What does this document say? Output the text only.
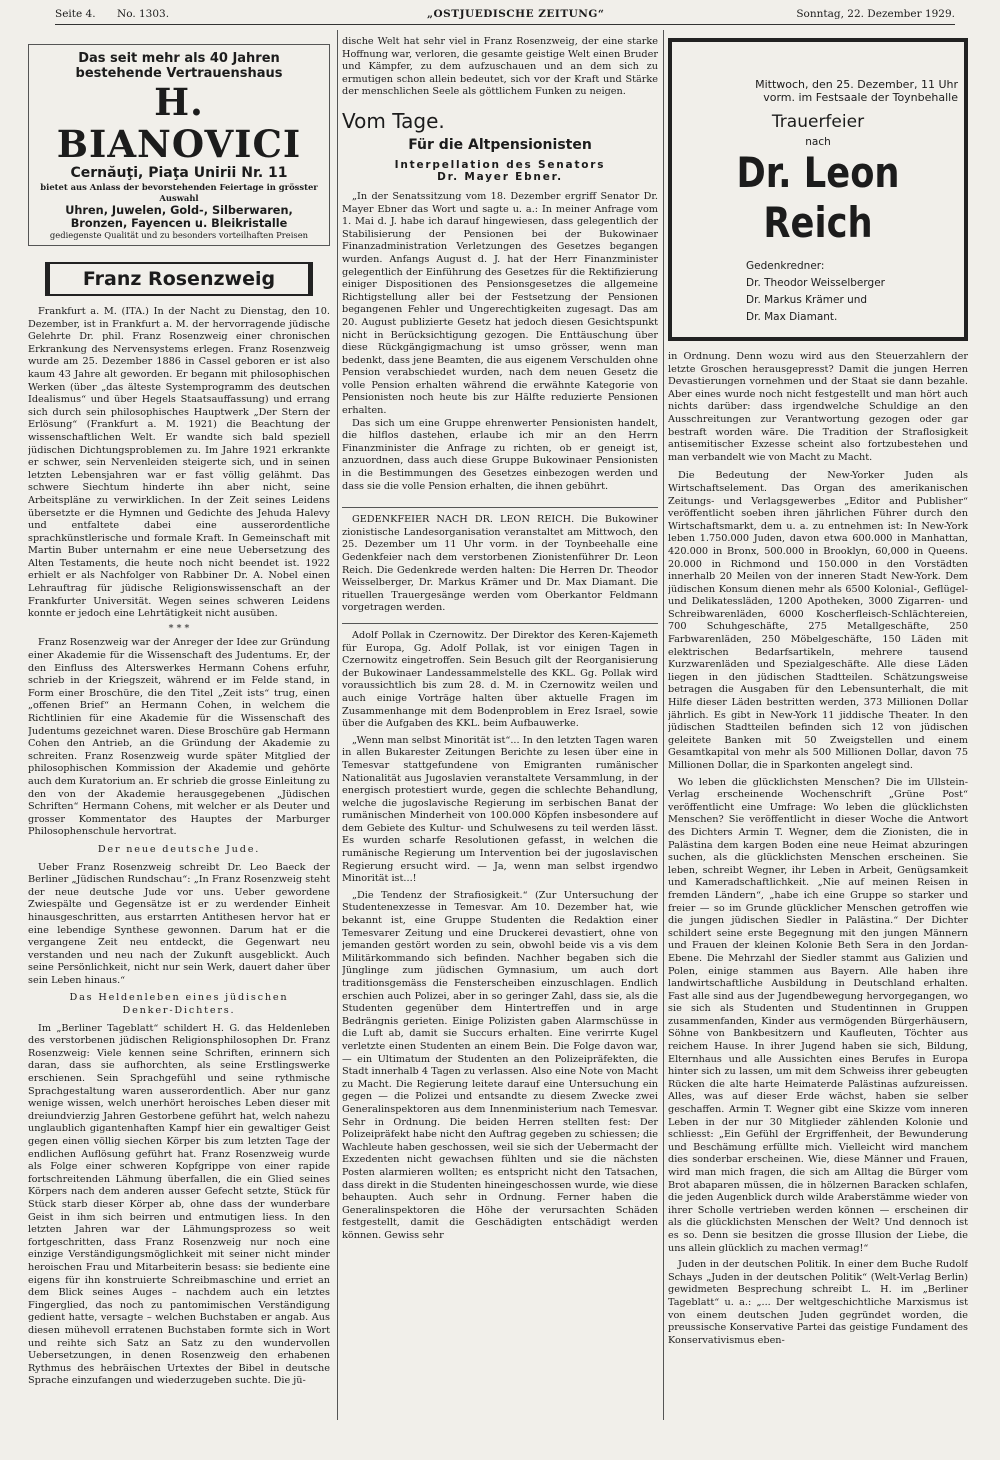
Seite 4. No. 1303.	„OSTJUEDISCHE ZEITUNG“	Sonntag, 22. Dezember 1929.
Das seit mehr als 40 Jahren
bestehende Vertrauenshaus
H. BIANOVICI
Cernăuţi, Piaţa Unirii Nr. 11
bietet aus Anlass der bevorstehenden Feiertage in grösster Auswahl
Uhren, Juwelen, Gold-, Silberwaren,
Bronzen, Fayencen u. Bleikristalle
gediegenste Qualität und zu besonders vorteilhaften Preisen
Franz Rosenzweig

Frankfurt a. M. (ITA.) In der Nacht zu Dienstag, den 10. Dezember, ist in Frankfurt a. M. der hervorragende jüdische Gelehrte Dr. phil. Franz Rosenzweig einer chronischen Erkrankung des Nervensystems erlegen. Franz Rosenzweig wurde am 25. Dezember 1886 in Cassel geboren er ist also kaum 43 Jahre alt geworden. Er begann mit philosophischen Werken (über „das älteste Systemprogramm des deutschen Idealismus“ und über Hegels Staatsauffassung) und errang sich durch sein philosophisches Hauptwerk „Der Stern der Erlösung“ (Frankfurt a. M. 1921) die Beachtung der wissenschaftlichen Welt. Er wandte sich bald speziell jüdischen Dichtungsproblemen zu. Im Jahre 1921 erkrankte er schwer, sein Nervenleiden steigerte sich, und in seinen letzten Lebensjahren war er fast völlig gelähmt. Das schwere Siechtum hinderte ihn aber nicht, seine Arbeitspläne zu verwirklichen. In der Zeit seines Leidens übersetzte er die Hymnen und Gedichte des Jehuda Halevy und entfaltete dabei eine ausserordentliche sprachkünstlerische und formale Kraft. In Gemeinschaft mit Martin Buber unternahm er eine neue Uebersetzung des Alten Testaments, die heute noch nicht beendet ist. 1922 erhielt er als Nachfolger von Rabbiner Dr. A. Nobel einen Lehrauftrag für jüdische Religionswissenschaft an der Frankfurter Universität. Wegen seines schweren Leidens konnte er jedoch eine Lehrtätigkeit nicht ausüben.

* * *

Franz Rosenzweig war der Anreger der Idee zur Gründung einer Akademie für die Wissenschaft des Judentums. Er, der den Einfluss des Alterswerkes Hermann Cohens erfuhr, schrieb in der Kriegszeit, während er im Felde stand, in Form einer Broschüre, die den Titel „Zeit ists“ trug, einen „offenen Brief“ an Hermann Cohen, in welchem die Richtlinien für eine Akademie für die Wissenschaft des Judentums gezeichnet waren. Diese Broschüre gab Hermann Cohen den Antrieb, an die Gründung der Akademie zu schreiten. Franz Rosenzweig wurde später Mitglied der philosophischen Kommission der Akademie und gehörte auch dem Kuratorium an. Er schrieb die grosse Einleitung zu den von der Akademie herausgegebenen „Jüdischen Schriften“ Hermann Cohens, mit welcher er als Deuter und grosser Kommentator des Hauptes der Marburger Philosophenschule hervortrat.

Der neue deutsche Jude.

Ueber Franz Rosenzweig schreibt Dr. Leo Baeck der Berliner „Jüdischen Rundschau“: „In Franz Rosenzweig steht der neue deutsche Jude vor uns. Ueber gewordene Zwiespälte und Gegensätze ist er zu werdender Einheit hinausgeschritten, aus erstarrten Antithesen hervor hat er eine lebendige Synthese gewonnen. Darum hat er die vergangene Zeit neu entdeckt, die Gegenwart neu verstanden und neu nach der Zukunft ausgeblickt. Auch seine Persönlichkeit, nicht nur sein Werk, dauert daher über sein Leben hinaus.“

Das Heldenleben eines jüdischen Denker-Dichters.

Im „Berliner Tageblatt“ schildert H. G. das Heldenleben des verstorbenen jüdischen Religionsphilosophen Dr. Franz Rosenzweig: Viele kennen seine Schriften, erinnern sich daran, dass sie aufhorchten, als seine Erstlingswerke erschienen. Sein Sprachgefühl und seine rythmische Sprachgestaltung waren ausserordentlich. Aber nur ganz wenige wissen, welch unerhört heroisches Leben dieser mit dreiundvierzig Jahren Gestorbene geführt hat, welch nahezu unglaublich gigantenhaften Kampf hier ein gewaltiger Geist gegen einen völlig siechen Körper bis zum letzten Tage der endlichen Auflösung geführt hat. Franz Rosenzweig wurde als Folge einer schweren Kopfgrippe von einer rapide fortschreitenden Lähmung überfallen, die ein Glied seines Körpers nach dem anderen ausser Gefecht setzte, Stück für Stück starb dieser Körper ab, ohne dass der wunderbare Geist in ihm sich beirren und entmutigen liess. In den letzten Jahren war der Lähmungsprozess so weit fortgeschritten, dass Franz Rosenzweig nur noch eine einzige Verständigungsmöglichkeit mit seiner nicht minder heroischen Frau und Mitarbeiterin besass: sie bediente eine eigens für ihn konstruierte Schreibmaschine und erriet an dem Blick seines Auges – nachdem auch ein letztes Fingerglied, das noch zu pantomimischen Verständigung gedient hatte, versagte – welchen Buchstaben er angab. Aus diesen mühevoll erratenen Buchstaben formte sich in Wort und reihte sich Satz an Satz zu den wundervollen Uebersetzungen, in denen Rosenzweig den erhabenen Rythmus des hebräischen Urtextes der Bibel in deutsche Sprache einzufangen und wiederzugeben suchte. Die jü-

dische Welt hat sehr viel in Franz Rosenzweig, der eine starke Hoffnung war, verloren, die gesamte geistige Welt einen Bruder und Kämpfer, zu dem aufzuschauen und an dem sich zu ermutigen schon allein bedeutet, sich vor der Kraft und Stärke der menschlichen Seele als göttlichem Funken zu neigen.

Vom Tage.
Für die Altpensionisten
Interpellation des Senators
Dr. Mayer Ebner.

„In der Senatssitzung vom 18. Dezember ergriff Senator Dr. Mayer Ebner das Wort und sagte u. a.: In meiner Anfrage vom 1. Mai d. J. habe ich darauf hingewiesen, dass gelegentlich der Stabilisierung der Pensionen bei der Bukowinaer Finanzadministration Verletzungen des Gesetzes begangen wurden. Anfangs August d. J. hat der Herr Finanzminister gelegentlich der Einführung des Gesetzes für die Rektifizierung einiger Dispositionen des Pensionsgesetzes die allgemeine Richtigstellung aller bei der Festsetzung der Pensionen begangenen Fehler und Ungerechtigkeiten zugesagt. Das am 20. August publizierte Gesetz hat jedoch diesen Gesichtspunkt nicht in Berücksichtigung gezogen. Die Enttäuschung über diese Rückgängigmachung ist umso grösser, wenn man bedenkt, dass jene Beamten, die aus eigenem Verschulden ohne Pension verabschiedet wurden, nach dem neuen Gesetz die volle Pension erhalten während die erwähnte Kategorie von Pensionisten noch heute bis zur Hälfte reduzierte Pensionen erhalten.

Das sich um eine Gruppe ehrenwerter Pensionisten handelt, die hilflos dastehen, erlaube ich mir an den Herrn Finanzminister die Anfrage zu richten, ob er geneigt ist, anzuordnen, dass auch diese Gruppe Bukowinaer Pensionisten in die Bestimmungen des Gesetzes einbezogen werden und dass sie die volle Pension erhalten, die ihnen gebührt.

GEDENKFEIER NACH DR. LEON REICH. Die Bukowiner zionistische Landesorganisation veranstaltet am Mittwoch, den 25. Dezember um 11 Uhr vorm. in der Toynbeehalle eine Gedenkfeier nach dem verstorbenen Zionistenführer Dr. Leon Reich. Die Gedenkrede werden halten: Die Herren Dr. Theodor Weisselberger, Dr. Markus Krämer und Dr. Max Diamant. Die rituellen Trauergesänge werden vom Oberkantor Feldmann vorgetragen werden.

Adolf Pollak in Czernowitz. Der Direktor des Keren-Kajemeth für Europa, Gg. Adolf Pollak, ist vor einigen Tagen in Czernowitz eingetroffen. Sein Besuch gilt der Reorganisierung der Bukowinaer Landessammelstelle des KKL. Gg. Pollak wird voraussichtlich bis zum 28. d. M. in Czernowitz weilen und auch einige Vorträge halten über aktuelle Fragen im Zusammenhange mit dem Bodenproblem in Erez Israel, sowie über die Aufgaben des KKL. beim Aufbauwerke.

„Wenn man selbst Minorität ist“... In den letzten Tagen waren in allen Bukarester Zeitungen Berichte zu lesen über eine in Temesvar stattgefundene von Emigranten rumänischer Nationalität aus Jugoslavien veranstaltete Versammlung, in der energisch protestiert wurde, gegen die schlechte Behandlung, welche die jugoslavische Regierung im serbischen Banat der rumänischen Minderheit von 100.000 Köpfen insbesondere auf dem Gebiete des Kultur- und Schulwesens zu teil werden lässt. Es wurden scharfe Resolutionen gefasst, in welchen die rumänische Regierung um Intervention bei der jugoslavischen Regierung ersucht wird. — Ja, wenn man selbst irgendwo Minorität ist...!

„Die Tendenz der Strafiosigkeit.“ (Zur Untersuchung der Studentenexzesse in Temesvar. Am 10. Dezember hat, wie bekannt ist, eine Gruppe Studenten die Redaktion einer Temesvarer Zeitung und eine Druckerei devastiert, ohne von jemanden gestört worden zu sein, obwohl beide vis a vis dem Militärkommando sich befinden. Nachher begaben sich die Jünglinge zum jüdischen Gymnasium, um auch dort traditionsgemäss die Fensterscheiben einzuschlagen. Endlich erschien auch Polizei, aber in so geringer Zahl, dass sie, als die Studenten gegenüber dem Hintertreffen und in arge Bedrängnis gerieten. Einige Polizisten gaben Alarmschüsse in die Luft ab, damit sie Succurs erhalten. Eine verirrte Kugel verletzte einen Studenten an einem Bein. Die Folge davon war, — ein Ultimatum der Studenten an den Polizeipräfekten, die Stadt innerhalb 4 Tagen zu verlassen. Also eine Note von Macht zu Macht. Die Regierung leitete darauf eine Untersuchung ein gegen — die Polizei und entsandte zu diesem Zwecke zwei Generalinspektoren aus dem Innenministerium nach Temesvar. Sehr in Ordnung. Die beiden Herren stellten fest: Der Polizeipräfekt habe nicht den Auftrag gegeben zu schiessen; die Wachleute haben geschossen, weil sie sich der Uebermacht der Exzedenten nicht gewachsen fühlten und sie die nächsten Posten alarmieren wollten; es entspricht nicht den Tatsachen, dass direkt in die Studenten hineingeschossen wurde, wie diese behaupten. Auch sehr in Ordnung. Ferner haben die Generalinspektoren die Höhe der verursachten Schäden festgestellt, damit die Geschädigten entschädigt werden können. Gewiss sehr

Mittwoch, den 25. Dezember, 11 Uhr
vorm. im Festsaale der Toynbehalle
Trauerfeier
nach
Dr. Leon Reich
Gedenkredner:
Dr. Theodor Weisselberger
Dr. Markus Krämer und
Dr. Max Diamant.

in Ordnung. Denn wozu wird aus den Steuerzahlern der letzte Groschen herausgepresst? Damit die jungen Herren Devastierungen vornehmen und der Staat sie dann bezahle. Aber eines wurde noch nicht festgestellt und man hört auch nichts darüber: dass irgendwelche Schuldige an den Ausschreitungen zur Verantwortung gezogen oder gar bestraft worden wäre. Die Tradition der Straflosigkeit antisemitischer Exzesse scheint also fortzubestehen und man verbandelt wie von Macht zu Macht.

Die Bedeutung der New-Yorker Juden als Wirtschaftselement. Das Organ des amerikanischen Zeitungs- und Verlagsgewerbes „Editor and Publisher“ veröffentlicht soeben ihren jährlichen Führer durch den Wirtschaftsmarkt, dem u. a. zu entnehmen ist: In New-York leben 1.750.000 Juden, davon etwa 600.000 in Manhattan, 420.000 in Bronx, 500.000 in Brooklyn, 60,000 in Queens. 20.000 in Richmond und 150.000 in den Vorstädten innerhalb 20 Meilen von der inneren Stadt New-York. Dem jüdischen Konsum dienen mehr als 6500 Kolonial-, Geflügel- und Delikatessläden, 1200 Apotheken, 3000 Zigarren- und Schreibwarenläden, 6000 Koscherfleisch-Schlächtereien, 700 Schuhgeschäfte, 275 Metallgeschäfte, 250 Farbwarenläden, 250 Möbelgeschäfte, 150 Läden mit elektrischen Bedarfsartikeln, mehrere tausend Kurzwarenläden und Spezialgeschäfte. Alle diese Läden liegen in den jüdischen Stadtteilen. Schätzungsweise betragen die Ausgaben für den Lebensunterhalt, die mit Hilfe dieser Läden bestritten werden, 373 Millionen Dollar jährlich. Es gibt in New-York 11 jiddische Theater. In den jüdischen Stadtteilen befinden sich 12 von jüdischen geleitete Banken mit 50 Zweigstellen und einem Gesamtkapital von mehr als 500 Millionen Dollar, davon 75 Millionen Dollar, die in Sparkonten angelegt sind.

Wo leben die glücklichsten Menschen? Die im Ullstein-Verlag erscheinende Wochenschrift „Grüne Post“ veröffentlicht eine Umfrage: Wo leben die glücklichsten Menschen? Sie veröffentlicht in dieser Woche die Antwort des Dichters Armin T. Wegner, dem die Zionisten, die in Palästina dem kargen Boden eine neue Heimat abzuringen suchen, als die glücklichsten Menschen erscheinen. Sie leben, schreibt Wegner, ihr Leben in Arbeit, Genügsamkeit und Kameradschaftlichkeit. „Nie auf meinen Reisen in fremden Ländern“, „habe ich eine Gruppe so starker und freier — so im Grunde glücklicher Menschen getroffen wie die jungen jüdischen Siedler in Palästina.“ Der Dichter schildert seine erste Begegnung mit den jungen Männern und Frauen der kleinen Kolonie Beth Sera in den Jordan-Ebene. Die Mehrzahl der Siedler stammt aus Galizien und Polen, einige stammen aus Bayern. Alle haben ihre landwirtschaftliche Ausbildung in Deutschland erhalten. Fast alle sind aus der Jugendbewegung hervorgegangen, wo sie sich als Studenten und Studentinnen in Gruppen zusammenfanden, Kinder aus vermögenden Bürgerhäusern, Söhne von Bankbesitzern und Kaufleuten, Töchter aus reichem Hause. In ihrer Jugend haben sie sich, Bildung, Elternhaus und alle Aussichten eines Berufes in Europa hinter sich zu lassen, um mit dem Schweiss ihrer gebeugten Rücken die alte harte Heimaterde Palästinas aufzureissen. Alles, was auf dieser Erde wächst, haben sie selber geschaffen. Armin T. Wegner gibt eine Skizze vom inneren Leben in der nur 30 Mitglieder zählenden Kolonie und schliesst: „Ein Gefühl der Ergriffenheit, der Bewunderung und Beschämung erfüllte mich. Vielleicht wird manchem dies sonderbar erscheinen. Wie, diese Männer und Frauen, wird man mich fragen, die sich am Alltag die Bürger vom Brot abaparen müssen, die in hölzernen Baracken schlafen, die jeden Augenblick durch wilde Araberstämme wieder von ihrer Scholle vertrieben werden können — erscheinen dir als die glücklichsten Menschen der Welt? Und dennoch ist es so. Denn sie besitzen die grosse Illusion der Liebe, die uns allein glücklich zu machen vermag!“

Juden in der deutschen Politik. In einer dem Buche Rudolf Schays „Juden in der deutschen Politik“ (Welt-Verlag Berlin) gewidmeten Besprechung schreibt L. H. im „Berliner Tageblatt“ u. a.: „... Der weltgeschichtliche Marxismus ist von einem deutschen Juden gegründet worden, die preussische Konservative Partei das geistige Fundament des Konservativismus eben-
